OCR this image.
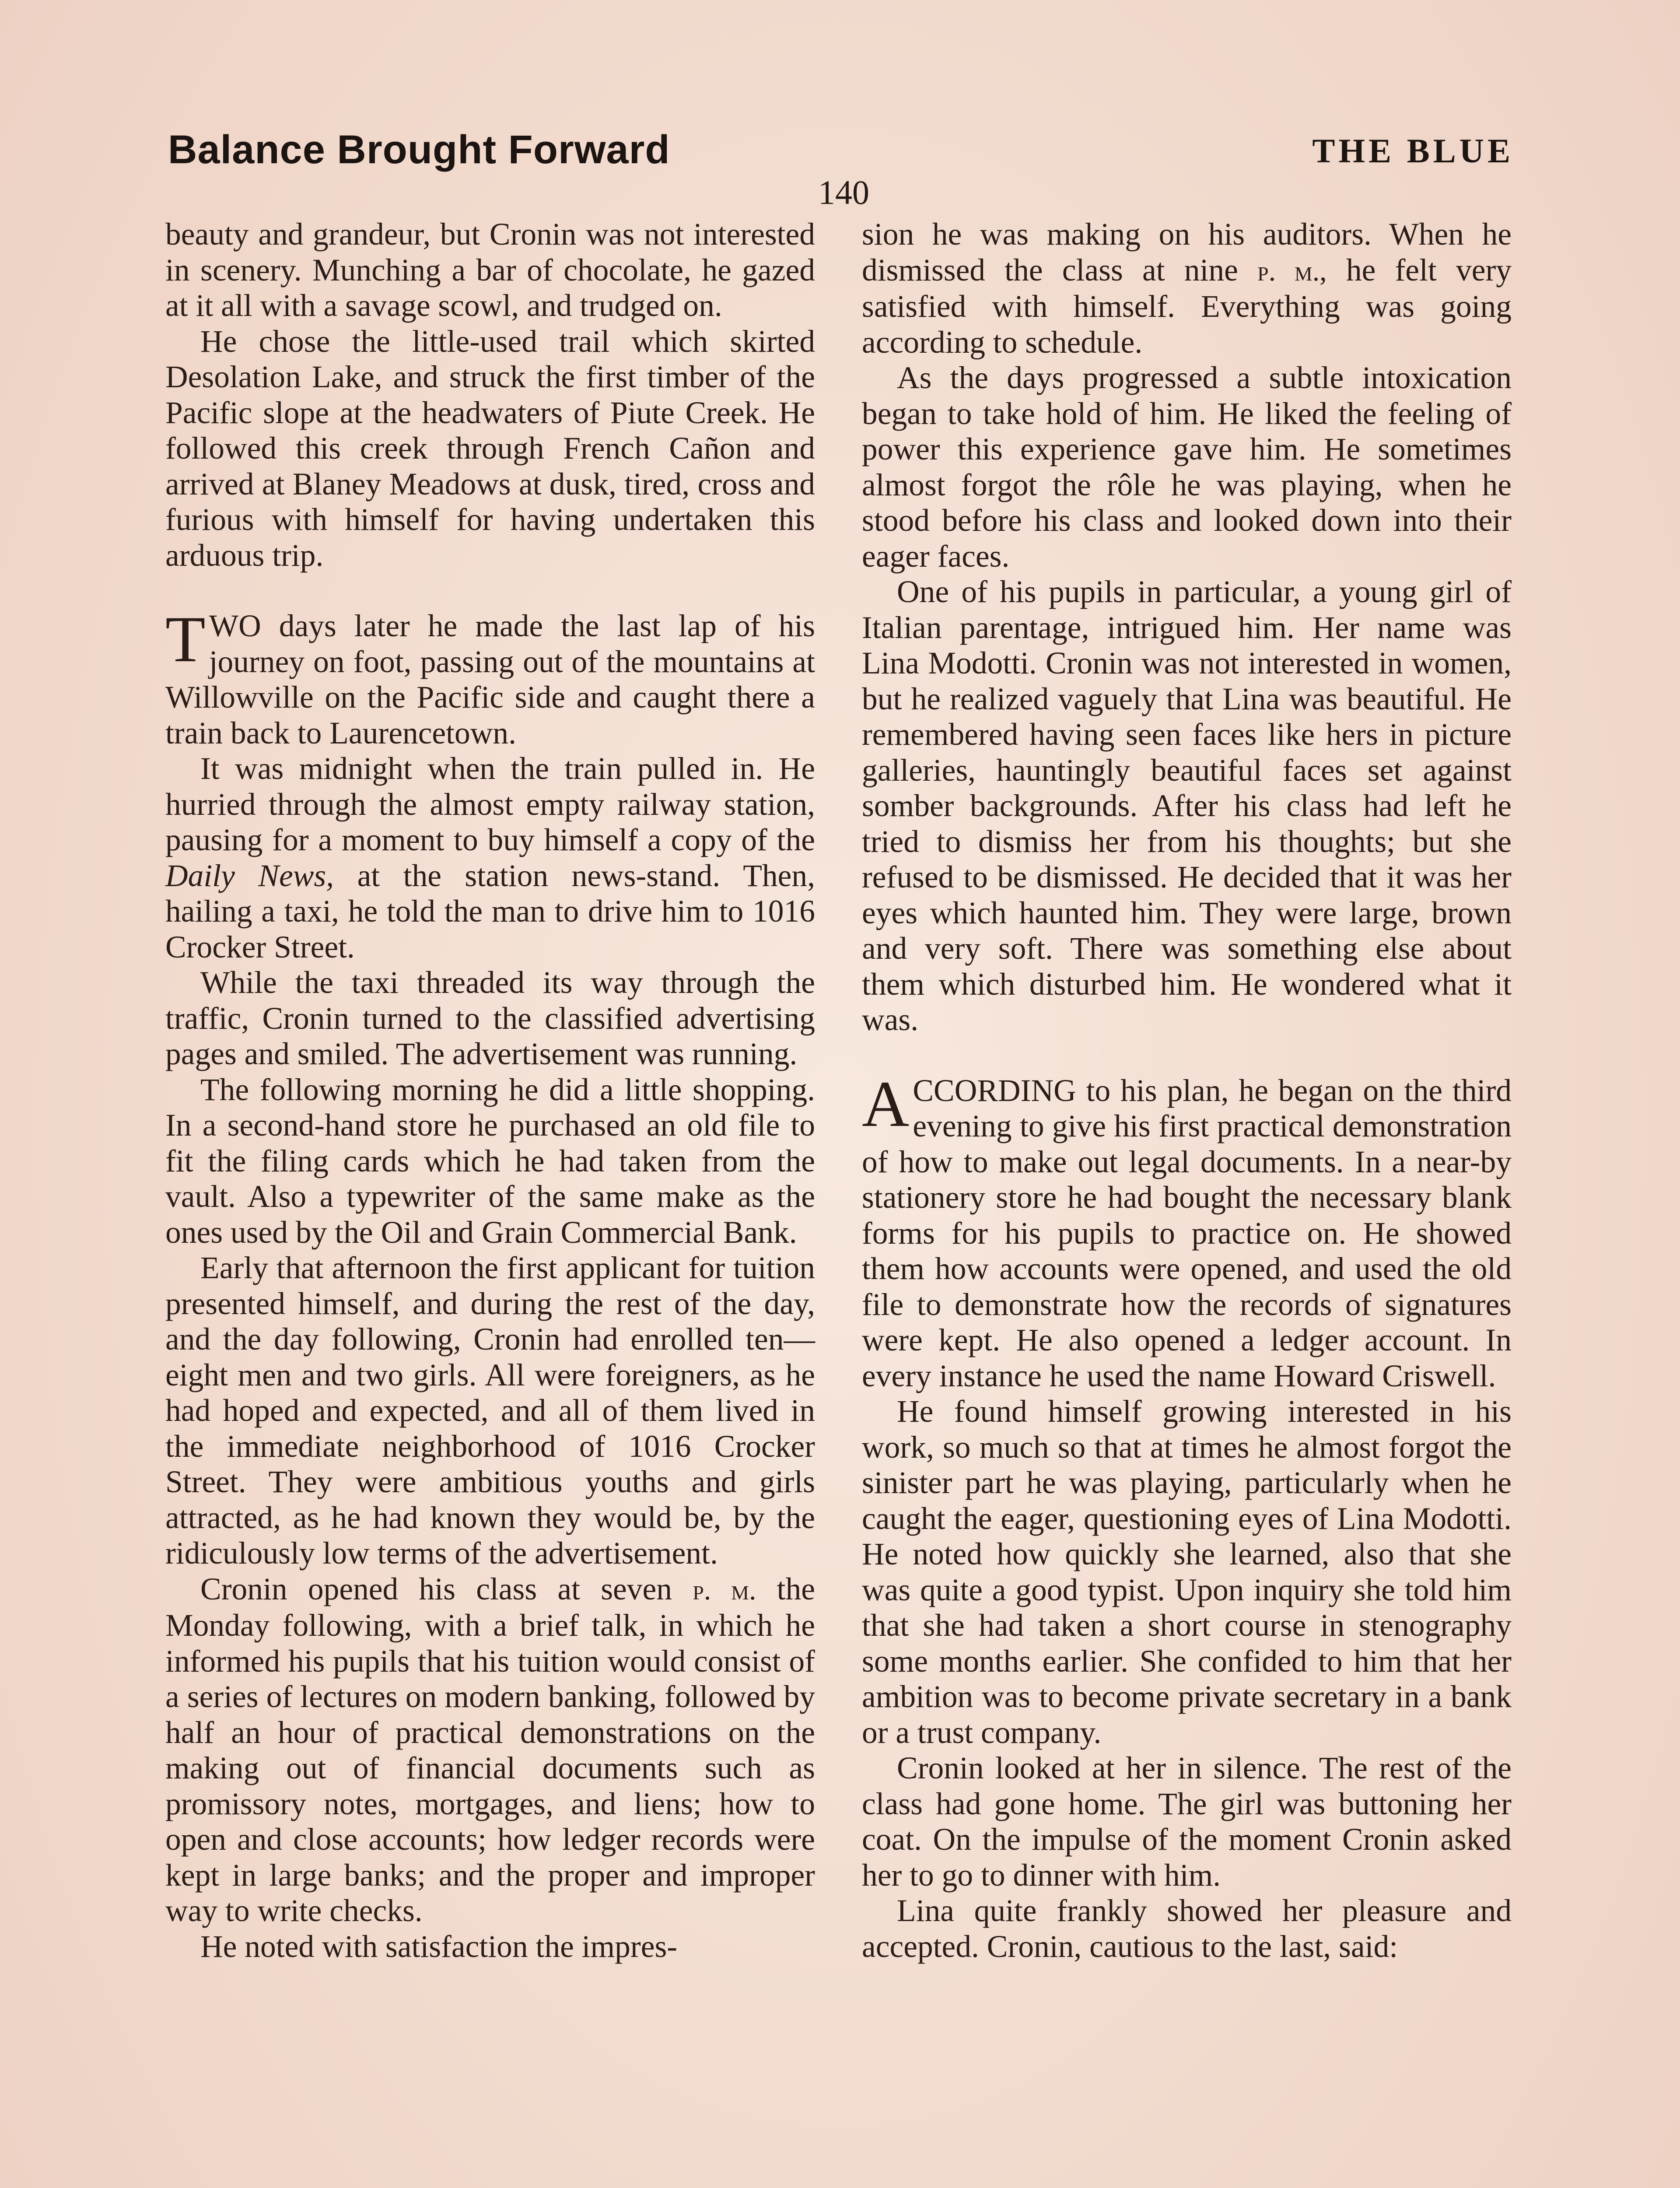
Balance Brought Forward	THE BLUE
140

beauty and grandeur, but Cronin was not interested in scenery. Munching a bar of chocolate, he gazed at it all with a savage scowl, and trudged on.

He chose the little-used trail which skirted Desolation Lake, and struck the first timber of the Pacific slope at the headwaters of Piute Creek. He followed this creek through French Cañon and arrived at Blaney Meadows at dusk, tired, cross and furious with himself for having undertaken this arduous trip.

TWO days later he made the last lap of his journey on foot, passing out of the mountains at Willowville on the Pacific side and caught there a train back to Laurencetown.

It was midnight when the train pulled in. He hurried through the almost empty railway station, pausing for a moment to buy himself a copy of the Daily News, at the station news-stand. Then, hailing a taxi, he told the man to drive him to 1016 Crocker Street.

While the taxi threaded its way through the traffic, Cronin turned to the classified advertising pages and smiled. The advertisement was running.

The following morning he did a little shopping. In a second-hand store he purchased an old file to fit the filing cards which he had taken from the vault. Also a typewriter of the same make as the ones used by the Oil and Grain Commercial Bank.

Early that afternoon the first applicant for tuition presented himself, and during the rest of the day, and the day following, Cronin had enrolled ten—eight men and two girls. All were foreigners, as he had hoped and expected, and all of them lived in the immediate neighborhood of 1016 Crocker Street. They were ambitious youths and girls attracted, as he had known they would be, by the ridiculously low terms of the advertisement.

Cronin opened his class at seven p. m. the Monday following, with a brief talk, in which he informed his pupils that his tuition would consist of a series of lectures on modern banking, followed by half an hour of practical demonstrations on the making out of financial documents such as promissory notes, mortgages, and liens; how to open and close accounts; how ledger records were kept in large banks; and the proper and improper way to write checks.

He noted with satisfaction the impres-

sion he was making on his auditors. When he dismissed the class at nine p. m., he felt very satisfied with himself. Everything was going according to schedule.

As the days progressed a subtle intoxication began to take hold of him. He liked the feeling of power this experience gave him. He sometimes almost forgot the rôle he was playing, when he stood before his class and looked down into their eager faces.

One of his pupils in particular, a young girl of Italian parentage, intrigued him. Her name was Lina Modotti. Cronin was not interested in women, but he realized vaguely that Lina was beautiful. He remembered having seen faces like hers in picture galleries, hauntingly beautiful faces set against somber backgrounds. After his class had left he tried to dismiss her from his thoughts; but she refused to be dismissed. He decided that it was her eyes which haunted him. They were large, brown and very soft. There was something else about them which disturbed him. He wondered what it was.

ACCORDING to his plan, he began on the third evening to give his first practical demonstration of how to make out legal documents. In a near-by stationery store he had bought the necessary blank forms for his pupils to practice on. He showed them how accounts were opened, and used the old file to demonstrate how the records of signatures were kept. He also opened a ledger account. In every instance he used the name Howard Criswell.

He found himself growing interested in his work, so much so that at times he almost forgot the sinister part he was playing, particularly when he caught the eager, questioning eyes of Lina Modotti. He noted how quickly she learned, also that she was quite a good typist. Upon inquiry she told him that she had taken a short course in stenography some months earlier. She confided to him that her ambition was to become private secretary in a bank or a trust company.

Cronin looked at her in silence. The rest of the class had gone home. The girl was buttoning her coat. On the impulse of the moment Cronin asked her to go to dinner with him.

Lina quite frankly showed her pleasure and accepted. Cronin, cautious to the last, said:
